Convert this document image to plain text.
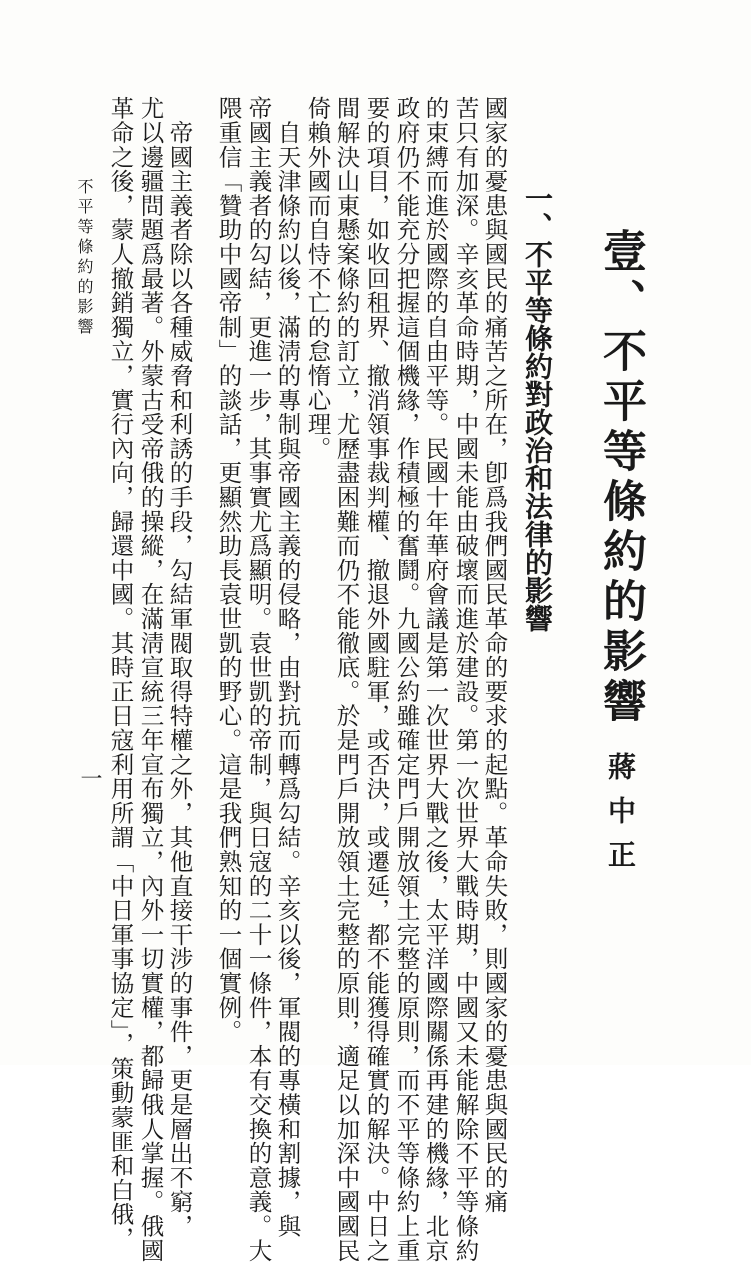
壹、不平等條約的影響
蔣中正
一、不平等條約對政治和法律的影響
國家的憂患與國民的痛苦之所在，卽爲我們國民革命的要求的起點。革命失敗，則國家的憂患與國民的痛
苦只有加深。辛亥革命時期，中國未能由破壞而進於建設。第一次世界大戰時期，中國又未能解除不平等條約
的束縛而進於國際的自由平等。民國十年華府會議是第一次世界大戰之後，太平洋國際關係再建的機緣，北京
政府仍不能充分把握這個機緣，作積極的奮鬪。九國公約雖確定門戶開放領土完整的原則，而不平等條約上重
要的項目，如收回租界、撤消領事裁判權、撤退外國駐軍，或否決，或遷延，都不能獲得確實的解決。中日之
間解決山東懸案條約的訂立，尤歷盡困難而仍不能徹底。於是門戶開放領土完整的原則，適足以加深中國國民
倚賴外國而自恃不亡的怠惰心理。
　自天津條約以後，滿淸的專制與帝國主義的侵略，由對抗而轉爲勾結。辛亥以後，軍閥的專橫和割據，與
帝國主義者的勾結，更進一步，其事實尤爲顯明。袁世凱的帝制，與日寇的二十一條件，本有交換的意義。大
隈重信「贊助中國帝制」的談話，更顯然助長袁世凱的野心。這是我們熟知的一個實例。
　帝國主義者除以各種威脅和利誘的手段，勾結軍閥取得特權之外，其他直接干涉的事件，更是層出不窮，
尤以邊疆問題爲最著。外蒙古受帝俄的操縱，在滿淸宣統三年宣布獨立，內外一切實權，都歸俄人掌握。俄國
革命之後，蒙人撤銷獨立，實行內向，歸還中國。其時正日寇利用所謂「中日軍事協定」，策動蒙匪和白俄，
不平等條約的影響
一
